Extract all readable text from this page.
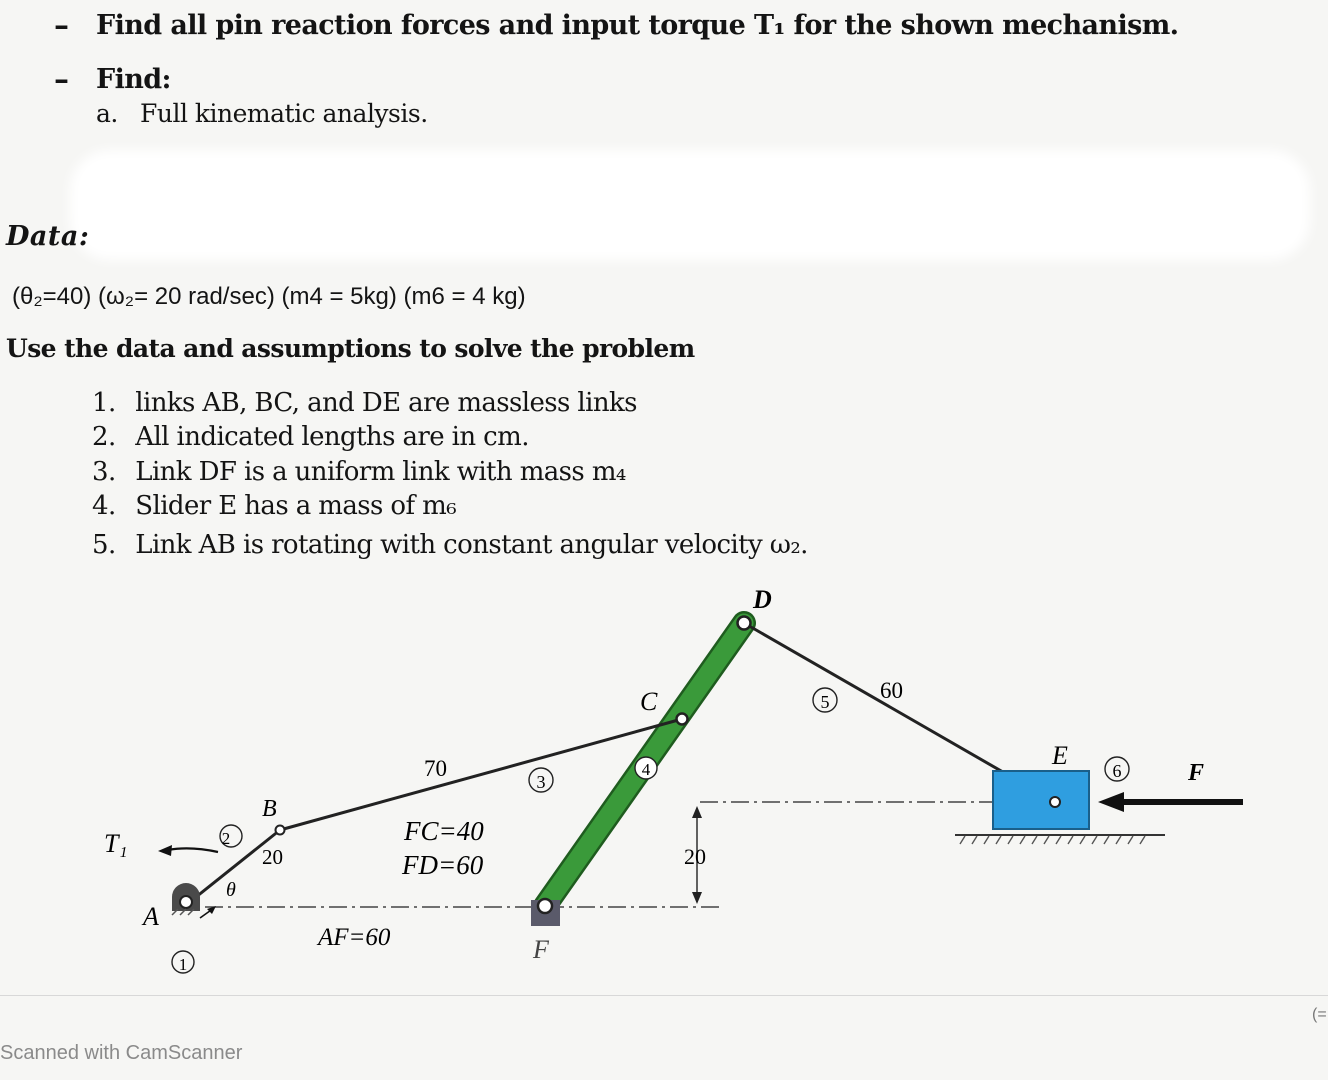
– Find all pin reaction forces and input torque T₁ for the shown mechanism.
– Find:
a. Full kinematic analysis.
Data:
(θ₂=40) (ω₂= 20 rad/sec) (m4 = 5kg) (m6 = 4 kg)
Use the data and assumptions to solve the problem
1. links AB, BC, and DE are massless links
2. All indicated lengths are in cm.
3. Link DF is a uniform link with mass m₄
4. Slider E has a mass of m₆
5. Link AB is rotating with constant angular velocity ω₂.
D
C
B
A
E
F
F
T₁
θ
2
1
3
4
5
6
70
20
60
20
FC=40
FD=60
AF=60
Scanned with CamScanner
(=
